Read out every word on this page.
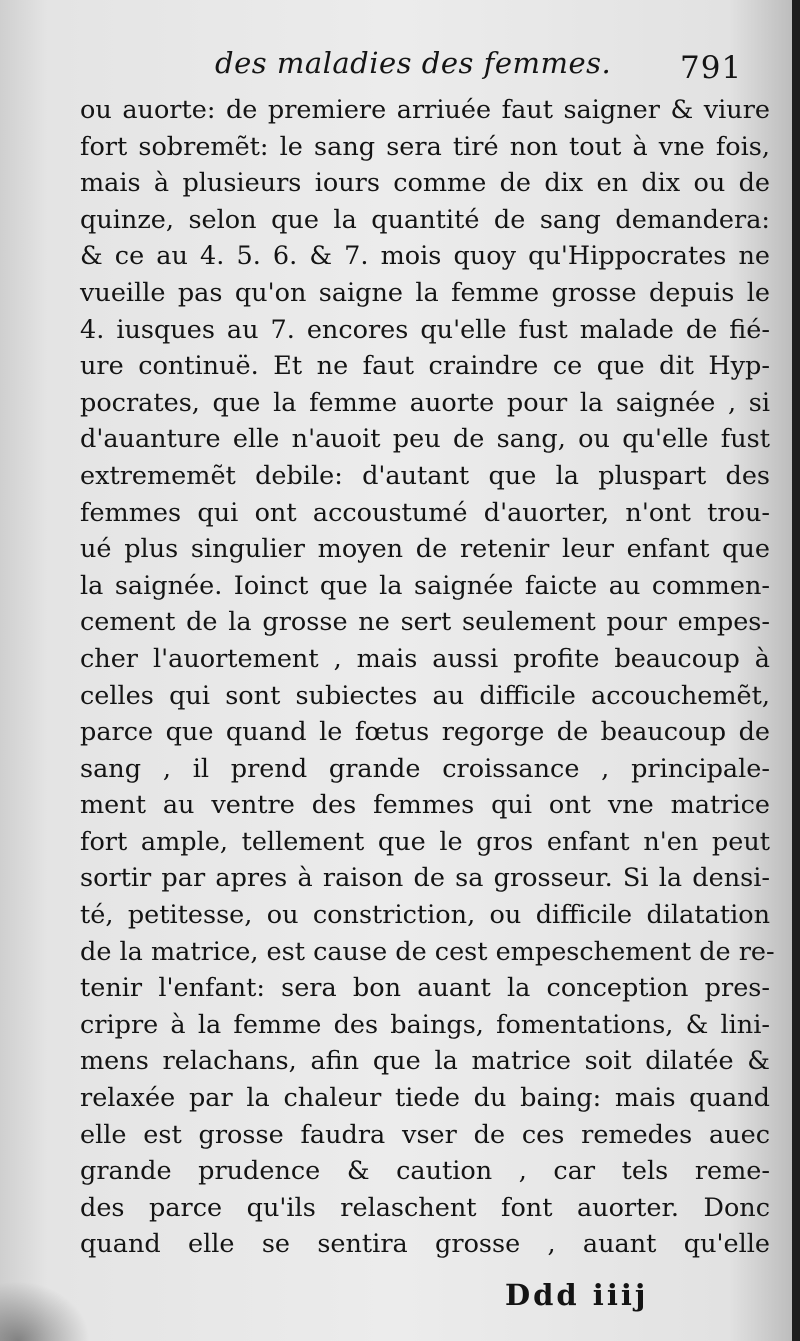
des maladies des femmes. 791
ou auorte: de premiere arriuée faut saigner & viure
fort sobremẽt: le sang sera tiré non tout à vne fois,
mais à plusieurs iours comme de dix en dix ou de
quinze, selon que la quantité de sang demandera:
& ce au 4. 5. 6. & 7. mois quoy qu'Hippocrates ne
vueille pas qu'on saigne la femme grosse depuis le
4. iusques au 7. encores qu'elle fust malade de fié-
ure continuë. Et ne faut craindre ce que dit Hyp-
pocrates, que la femme auorte pour la saignée , si
d'auanture elle n'auoit peu de sang, ou qu'elle fust
extrememẽt debile: d'autant que la pluspart des
femmes qui ont accoustumé d'auorter, n'ont trou-
ué plus singulier moyen de retenir leur enfant que
la saignée. Ioinct que la saignée faicte au commen-
cement de la grosse ne sert seulement pour empes-
cher l'auortement , mais aussi profite beaucoup à
celles qui sont subiectes au difficile accouchemẽt,
parce que quand le fœtus regorge de beaucoup de
sang , il prend grande croissance , principale-
ment au ventre des femmes qui ont vne matrice
fort ample, tellement que le gros enfant n'en peut
sortir par apres à raison de sa grosseur. Si la densi-
té, petitesse, ou constriction, ou difficile dilatation
de la matrice, est cause de cest empeschement de re-
tenir l'enfant: sera bon auant la conception pres-
cripre à la femme des baings, fomentations, & lini-
mens relachans, afin que la matrice soit dilatée &
relaxée par la chaleur tiede du baing: mais quand
elle est grosse faudra vser de ces remedes auec
grande prudence & caution , car tels reme-
des parce qu'ils relaschent font auorter. Donc
quand elle se sentira grosse , auant qu'elle
Ddd iiij
